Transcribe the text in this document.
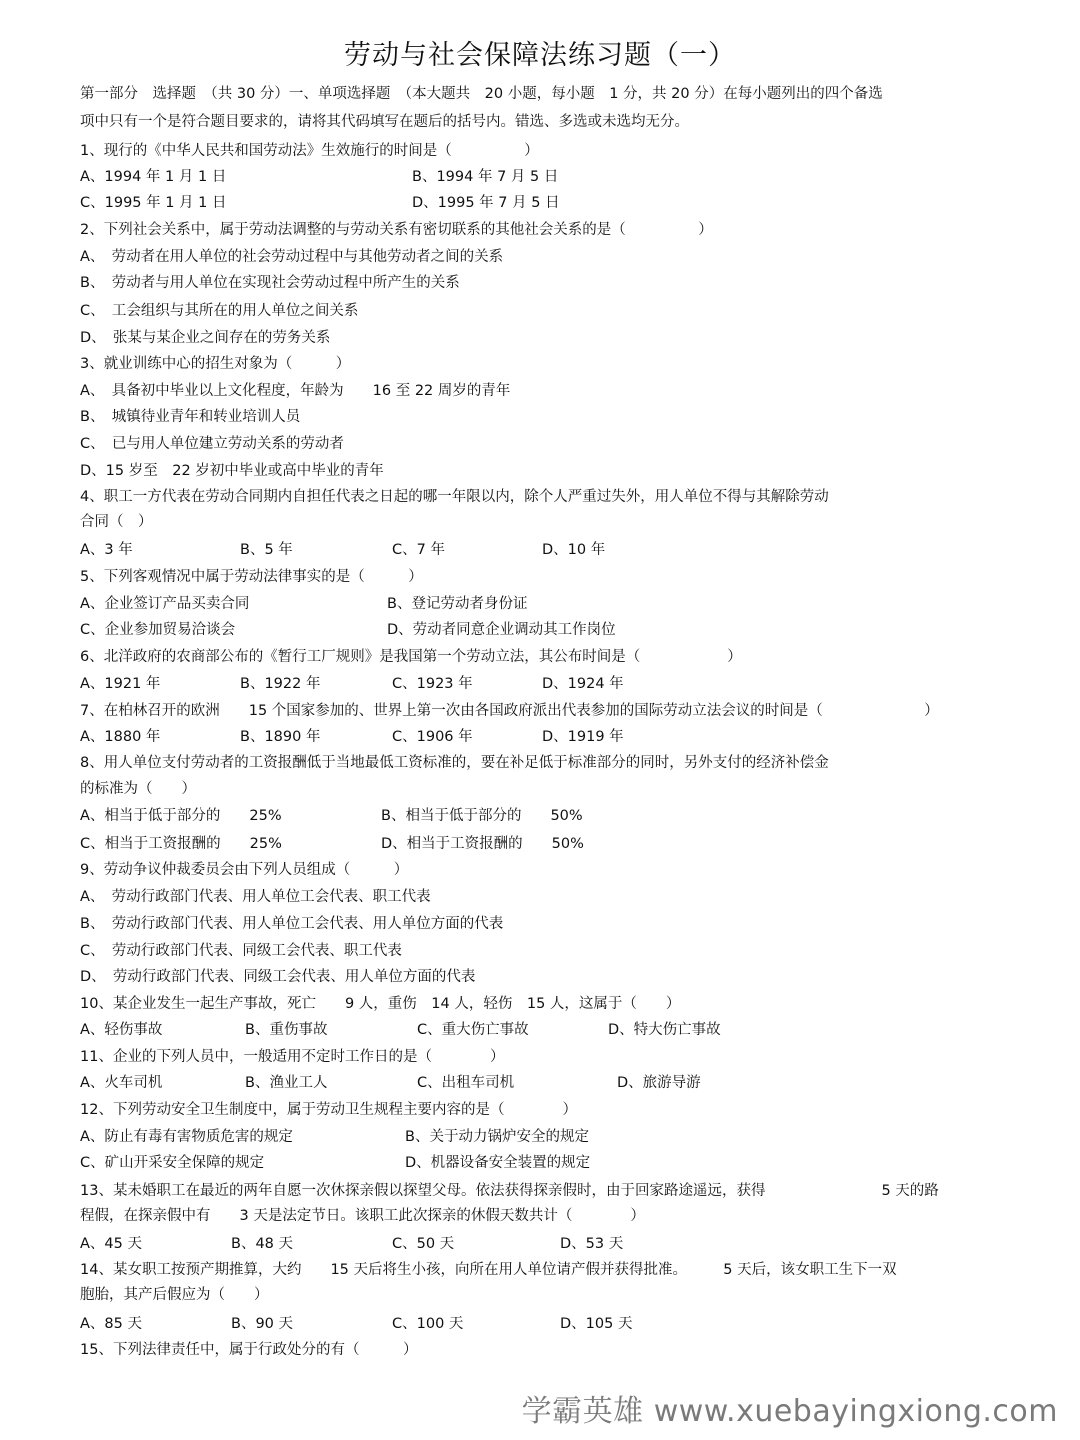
劳动与社会保障法练习题（一）
第一部分　选择题　（共 30 分）一、单项选择题　（本大题共　20 小题，每小题　1 分，共 20 分）在每小题列出的四个备选
项中只有一个是符合题目要求的，请将其代码填写在题后的括号内。错选、多选或未选均无分。
1、现行的《中华人民共和国劳动法》生效施行的时间是（　　　　　）
A、1994 年 1 月 1 日	B、1994 年 7 月 5 日
C、1995 年 1 月 1 日	D、1995 年 7 月 5 日
2、下列社会关系中，属于劳动法调整的与劳动关系有密切联系的其他社会关系的是（　　　　　）
A、　劳动者在用人单位的社会劳动过程中与其他劳动者之间的关系
B、　劳动者与用人单位在实现社会劳动过程中所产生的关系
C、　工会组织与其所在的用人单位之间关系
D、　张某与某企业之间存在的劳务关系
3、就业训练中心的招生对象为（　　　）
A、　具备初中毕业以上文化程度，年龄为　　16 至 22 周岁的青年
B、　城镇待业青年和转业培训人员
C、　已与用人单位建立劳动关系的劳动者
D、15 岁至　22 岁初中毕业或高中毕业的青年
4、职工一方代表在劳动合同期内自担任代表之日起的哪一年限以内，除个人严重过失外，用人单位不得与其解除劳动
合同（　）
A、3 年	B、5 年	C、7 年	D、10 年
5、下列客观情况中属于劳动法律事实的是（　　　）
A、企业签订产品买卖合同	B、登记劳动者身份证
C、企业参加贸易洽谈会	D、劳动者同意企业调动其工作岗位
6、北洋政府的农商部公布的《暂行工厂规则》是我国第一个劳动立法，其公布时间是（　　　　　　）
A、1921 年	B、1922 年	C、1923 年	D、1924 年
7、在柏林召开的欧洲　　15 个国家参加的、世界上第一次由各国政府派出代表参加的国际劳动立法会议的时间是（　　　　　　　）
A、1880 年	B、1890 年	C、1906 年	D、1919 年
8、用人单位支付劳动者的工资报酬低于当地最低工资标准的，要在补足低于标准部分的同时，另外支付的经济补偿金
的标准为（　　）
A、相当于低于部分的　　25%	B、相当于低于部分的　　50%
C、相当于工资报酬的　　25%	D、相当于工资报酬的　　50%
9、劳动争议仲裁委员会由下列人员组成（　　　）
A、　劳动行政部门代表、用人单位工会代表、职工代表
B、　劳动行政部门代表、用人单位工会代表、用人单位方面的代表
C、　劳动行政部门代表、同级工会代表、职工代表
D、　劳动行政部门代表、同级工会代表、用人单位方面的代表
10、某企业发生一起生产事故，死亡　　9 人，重伤　14 人，轻伤　15 人，这属于（　　）
A、轻伤事故	B、重伤事故	C、重大伤亡事故	D、特大伤亡事故
11、企业的下列人员中，一般适用不定时工作日的是（　　　　）
A、火车司机	B、渔业工人	C、出租车司机	D、旅游导游
12、下列劳动安全卫生制度中，属于劳动卫生规程主要内容的是（　　　　）
A、防止有毒有害物质危害的规定	B、关于动力锅炉安全的规定
C、矿山开采安全保障的规定	D、机器设备安全装置的规定
13、某未婚职工在最近的两年自愿一次休探亲假以探望父母。依法获得探亲假时，由于回家路途遥远，获得　　　　　　　　5 天的路
程假，在探亲假中有　　3 天是法定节日。该职工此次探亲的休假天数共计（　　　　）
A、45 天	B、48 天	C、50 天	D、53 天
14、某女职工按预产期推算，大约　　15 天后将生小孩，向所在用人单位请产假并获得批准。　　　5 天后，该女职工生下一双
胞胎，其产后假应为（　　）
A、85 天	B、90 天	C、100 天	D、105 天
15、下列法律责任中，属于行政处分的有（　　　）
学霸英雄 www.xuebayingxiong.com
